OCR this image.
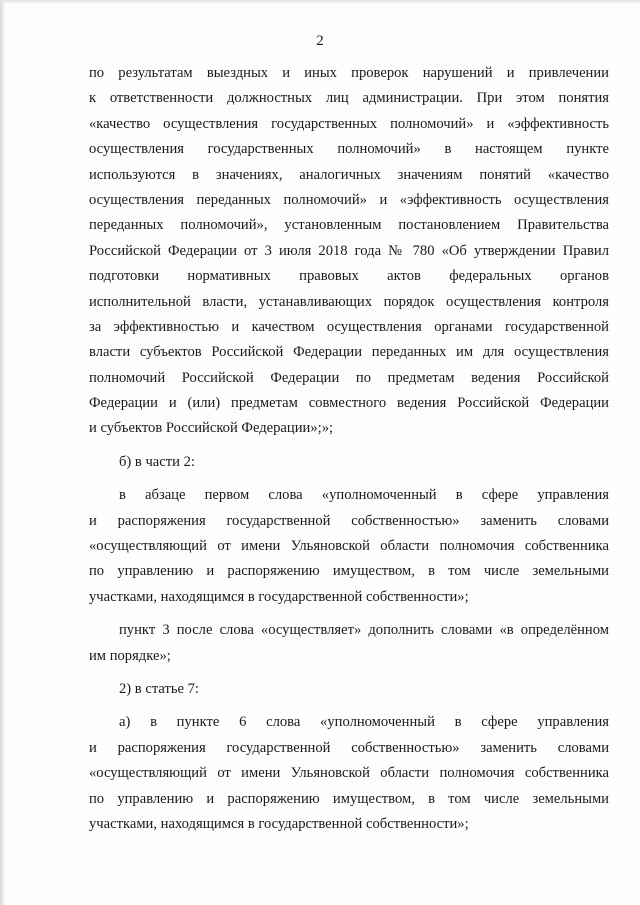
2
по результатам выездных и иных проверок нарушений и привлечении
к ответственности должностных лиц администрации. При этом понятия
«качество осуществления государственных полномочий» и «эффективность
осуществления государственных полномочий» в настоящем пункте
используются в значениях, аналогичных значениям понятий «качество
осуществления переданных полномочий» и «эффективность осуществления
переданных полномочий», установленным постановлением Правительства
Российской Федерации от 3 июля 2018 года № 780 «Об утверждении Правил
подготовки нормативных правовых актов федеральных органов
исполнительной власти, устанавливающих порядок осуществления контроля
за эффективностью и качеством осуществления органами государственной
власти субъектов Российской Федерации переданных им для осуществления
полномочий Российской Федерации по предметам ведения Российской
Федерации и (или) предметам совместного ведения Российской Федерации
и субъектов Российской Федерации»;»;
б) в части 2:
в абзаце первом слова «уполномоченный в сфере управления
и распоряжения государственной собственностью» заменить словами
«осуществляющий от имени Ульяновской области полномочия собственника
по управлению и распоряжению имуществом, в том числе земельными
участками, находящимся в государственной собственности»;
пункт 3 после слова «осуществляет» дополнить словами «в определённом
им порядке»;
2) в статье 7:
а) в пункте 6 слова «уполномоченный в сфере управления
и распоряжения государственной собственностью» заменить словами
«осуществляющий от имени Ульяновской области полномочия собственника
по управлению и распоряжению имуществом, в том числе земельными
участками, находящимся в государственной собственности»;
